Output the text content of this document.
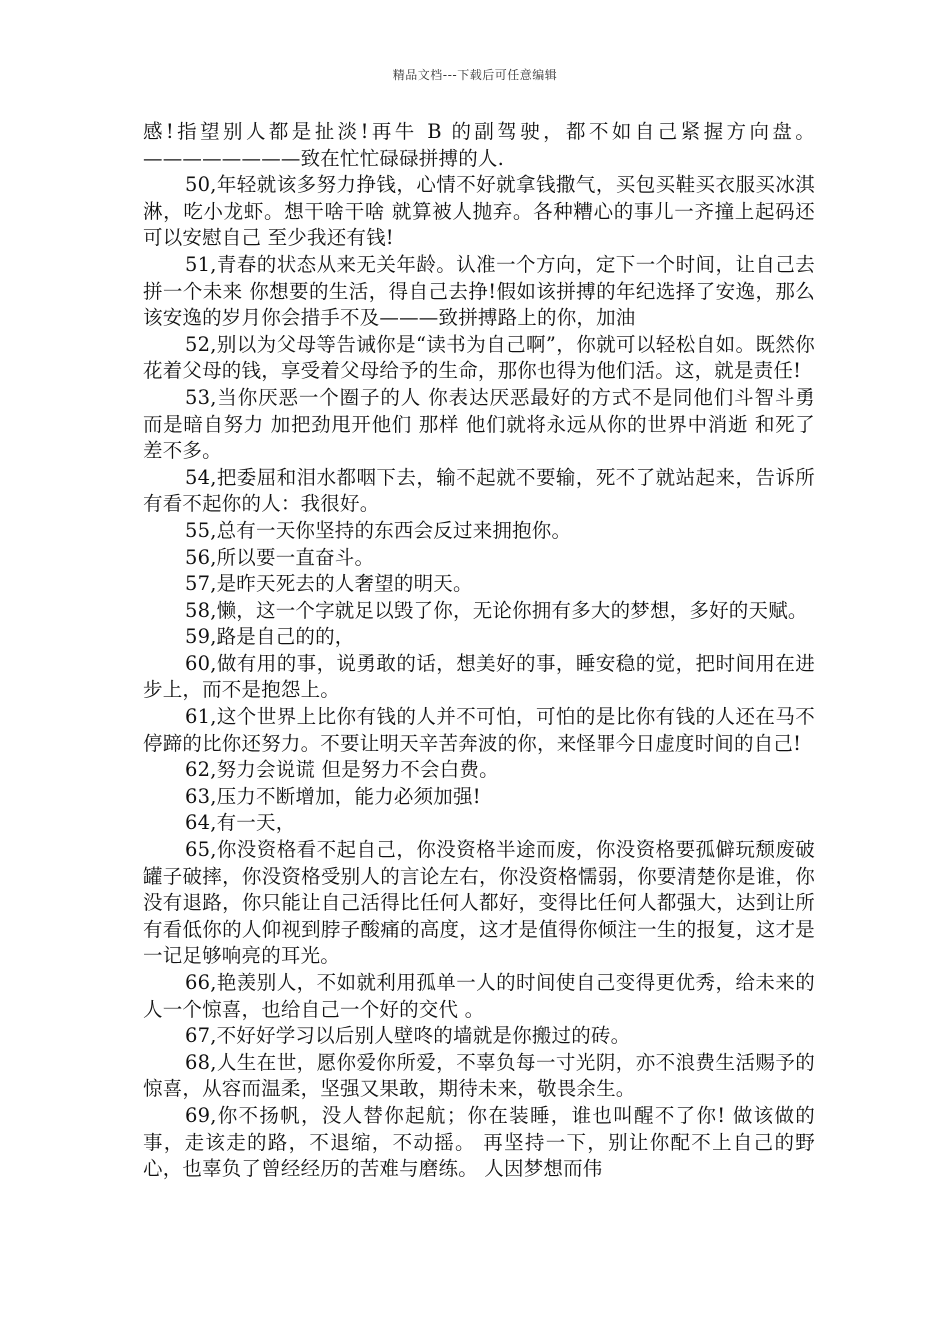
精品文档---下载后可任意编辑

感!指望别人都是扯淡!再牛 B 的副驾驶，都不如自己紧握方向盘。————————致在忙忙碌碌拼搏的人.

50,年轻就该多努力挣钱，心情不好就拿钱撒气，买包买鞋买衣服买冰淇淋，吃小龙虾。想干啥干啥 就算被人抛弃。各种糟心的事儿一齐撞上起码还可以安慰自己 至少我还有钱!

51,青春的状态从来无关年龄。认准一个方向，定下一个时间，让自己去拼一个未来 你想要的生活，得自己去挣!假如该拼搏的年纪选择了安逸，那么该安逸的岁月你会措手不及———致拼搏路上的你，加油

52,别以为父母等告诫你是“读书为自己啊”，你就可以轻松自如。既然你花着父母的钱，享受着父母给予的生命，那你也得为他们活。这，就是责任!

53,当你厌恶一个圈子的人 你表达厌恶最好的方式不是同他们斗智斗勇 而是暗自努力 加把劲甩开他们 那样 他们就将永远从你的世界中消逝 和死了差不多。

54,把委屈和泪水都咽下去，输不起就不要输，死不了就站起来，告诉所有看不起你的人：我很好。

55,总有一天你坚持的东西会反过来拥抱你。

56,所以要一直奋斗。

57,是昨天死去的人奢望的明天。

58,懒，这一个字就足以毁了你，无论你拥有多大的梦想，多好的天赋。

59,路是自己的的，

60,做有用的事，说勇敢的话，想美好的事，睡安稳的觉，把时间用在进步上，而不是抱怨上。

61,这个世界上比你有钱的人并不可怕，可怕的是比你有钱的人还在马不停蹄的比你还努力。不要让明天辛苦奔波的你，来怪罪今日虚度时间的自己!

62,努力会说谎 但是努力不会白费。

63,压力不断增加，能力必须加强!

64,有一天，

65,你没资格看不起自己，你没资格半途而废，你没资格要孤僻玩颓废破罐子破摔，你没资格受别人的言论左右，你没资格懦弱，你要清楚你是谁，你没有退路，你只能让自己活得比任何人都好，变得比任何人都强大，达到让所有看低你的人仰视到脖子酸痛的高度，这才是值得你倾注一生的报复，这才是一记足够响亮的耳光。

66,艳羡别人，不如就利用孤单一人的时间使自己变得更优秀，给未来的人一个惊喜，也给自己一个好的交代 。

67,不好好学习以后别人壁咚的墙就是你搬过的砖。

68,人生在世，愿你爱你所爱，不辜负每一寸光阴，亦不浪费生活赐予的惊喜，从容而温柔，坚强又果敢，期待未来，敬畏余生。

69,你不扬帆，没人替你起航；你在装睡，谁也叫醒不了你! 做该做的事，走该走的路，不退缩，不动摇。 再坚持一下，别让你配不上自己的野心，也辜负了曾经经历的苦难与磨练。 人因梦想而伟
